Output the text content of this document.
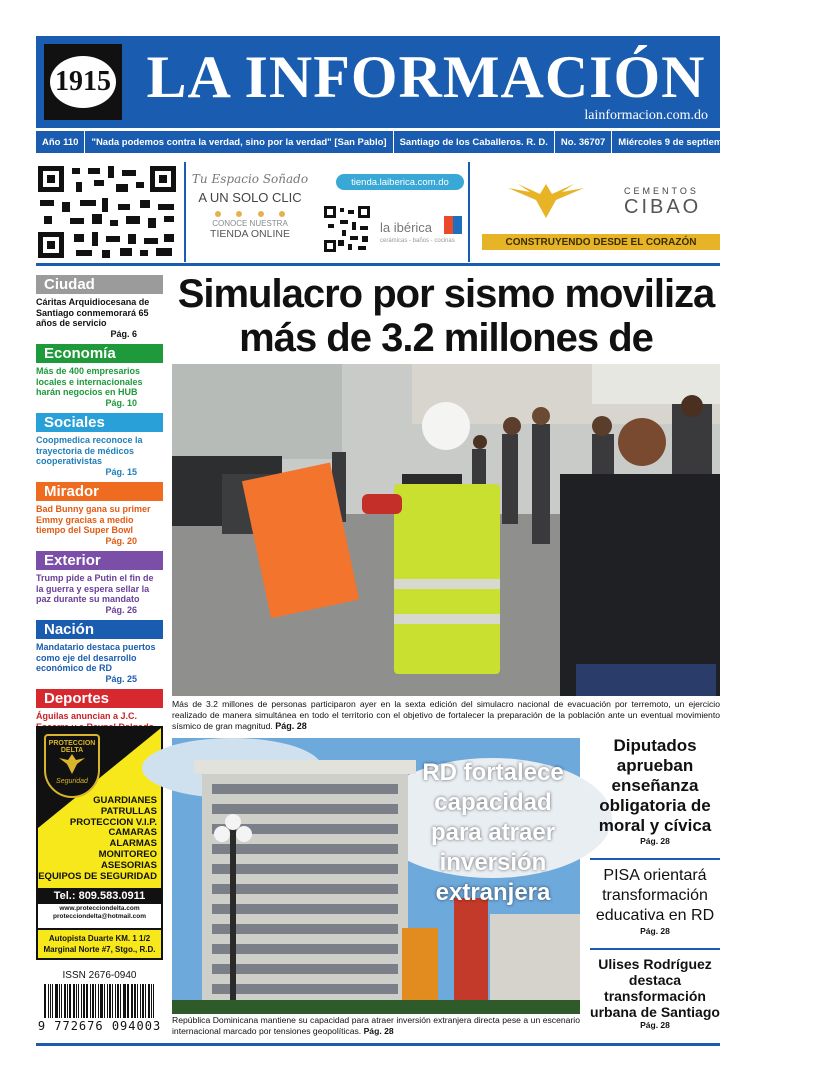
1915 LA INFORMACIÓN
lainformacion.com.do
Año 110	"Nada podemos contra la verdad, sino por la verdad" [San Pablo]	Santiago de los Caballeros. R. D.	No. 36707	Miércoles 9 de septiembre de 2026	RD$10
Tu Espacio Soñado
A UN SOLO CLIC
CONOCE NUESTRA
TIENDA ONLINE
tienda.laiberica.com.do
la ibérica
cerámicas - baños - cocinas
CEMENTOS
CIBAO
CONSTRUYENDO DESDE EL CORAZÓN
Ciudad
Cáritas Arquidiocesana de Santiago conmemorará 65 años de servicio
Pág. 6
Economía
Más de 400 empresarios locales e internacionales harán negocios en HUB
Pág. 10
Sociales
Coopmedica reconoce la trayectoria de médicos cooperativistas
Pág. 15
Mirador
Bad Bunny gana su primer Emmy gracias a medio tiempo del Super Bowl
Pág. 20
Exterior
Trump pide a Putin el fin de la guerra y espera sellar la paz durante su mandato
Pág. 26
Nación
Mandatario destaca puertos como eje del desarrollo económico de RD
Pág. 25
Deportes
Águilas anuncian a J.C.
PROTECCION DELTA
Seguridad
GUARDIANES
PATRULLAS
PROTECCION V.I.P.
CAMARAS
ALARMAS
MONITOREO
ASESORIAS
EQUIPOS DE SEGURIDAD
Tel.: 809.583.0911
www.protecciondelta.com
protecciondelta@hotmail.com
Autopista Duarte KM. 1 1/2
Marginal Norte #7, Stgo., R.D.
ISSN 2676-0940
9 772676 094003
Simulacro por sismo moviliza más de 3.2 millones de
Más de 3.2 millones de personas participaron ayer en la sexta edición del simulacro nacional de evacuación por terremoto, un ejercicio realizado de manera simultánea en todo el territorio con el objetivo de fortalecer la preparación de la población ante un eventual movimiento sísmico de gran magnitud. Pág. 28
RD fortalece capacidad para atraer inversión extranjera
República Dominicana mantiene su capacidad para atraer inversión extranjera directa pese a un escenario internacional marcado por tensiones geopolíticas. Pág. 28
Diputados aprueban enseñanza obligatoria de moral y cívica
Pág. 28
PISA orientará transformación educativa en RD
Pág. 28
Ulises Rodríguez destaca transformación urbana de Santiago
Pág. 28
